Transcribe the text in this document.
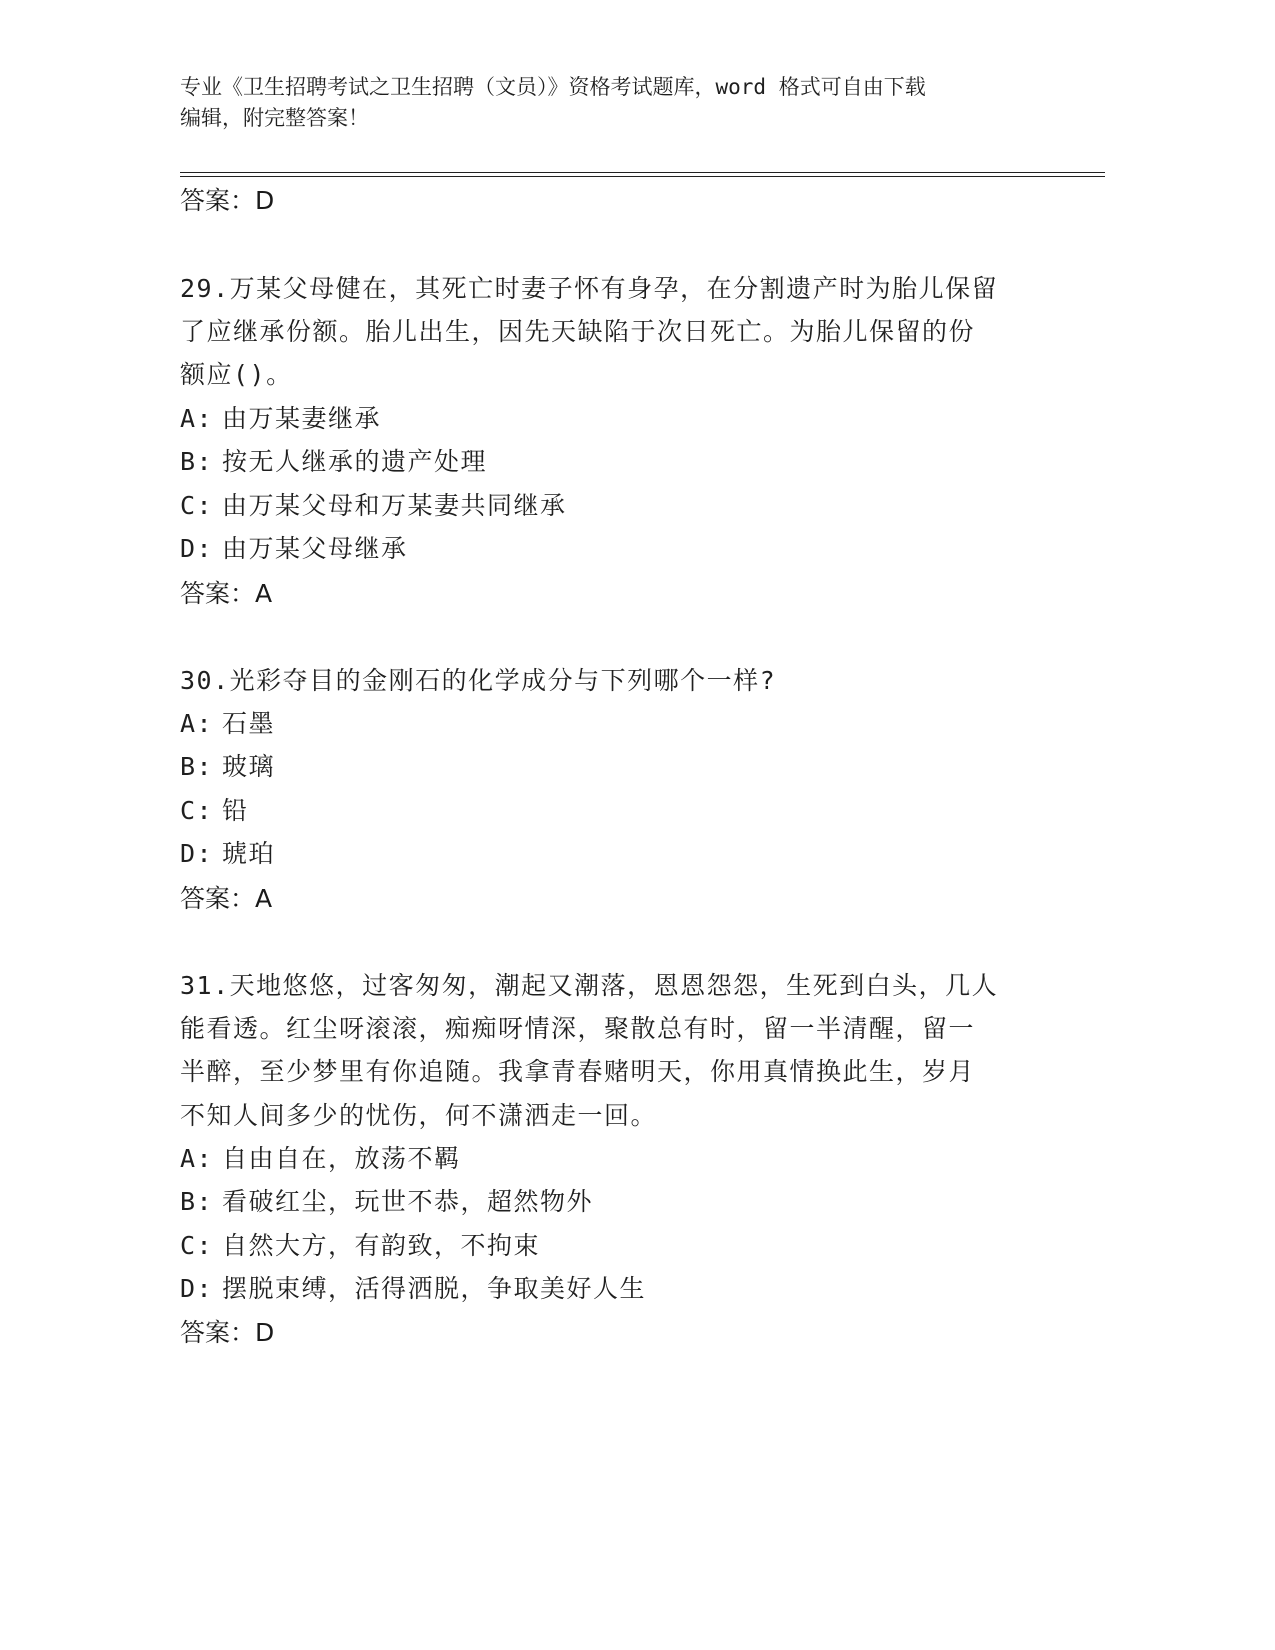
专业《卫生招聘考试之卫生招聘（文员）》资格考试题库，word 格式可自由下载
编辑，附完整答案！
答案：D
29.万某父母健在，其死亡时妻子怀有身孕，在分割遗产时为胎儿保留
了应继承份额。胎儿出生，因先天缺陷于次日死亡。为胎儿保留的份
额应()。
A: 由万某妻继承
B: 按无人继承的遗产处理
C: 由万某父母和万某妻共同继承
D: 由万某父母继承
答案：A
30.光彩夺目的金刚石的化学成分与下列哪个一样?
A: 石墨
B: 玻璃
C: 铅
D: 琥珀
答案：A
31.天地悠悠，过客匆匆，潮起又潮落，恩恩怨怨，生死到白头，几人
能看透。红尘呀滚滚，痴痴呀情深，聚散总有时，留一半清醒，留一
半醉，至少梦里有你追随。我拿青春赌明天，你用真情换此生，岁月
不知人间多少的忧伤，何不潇洒走一回。
A: 自由自在，放荡不羁
B: 看破红尘，玩世不恭，超然物外
C: 自然大方，有韵致，不拘束
D: 摆脱束缚，活得洒脱，争取美好人生
答案：D
